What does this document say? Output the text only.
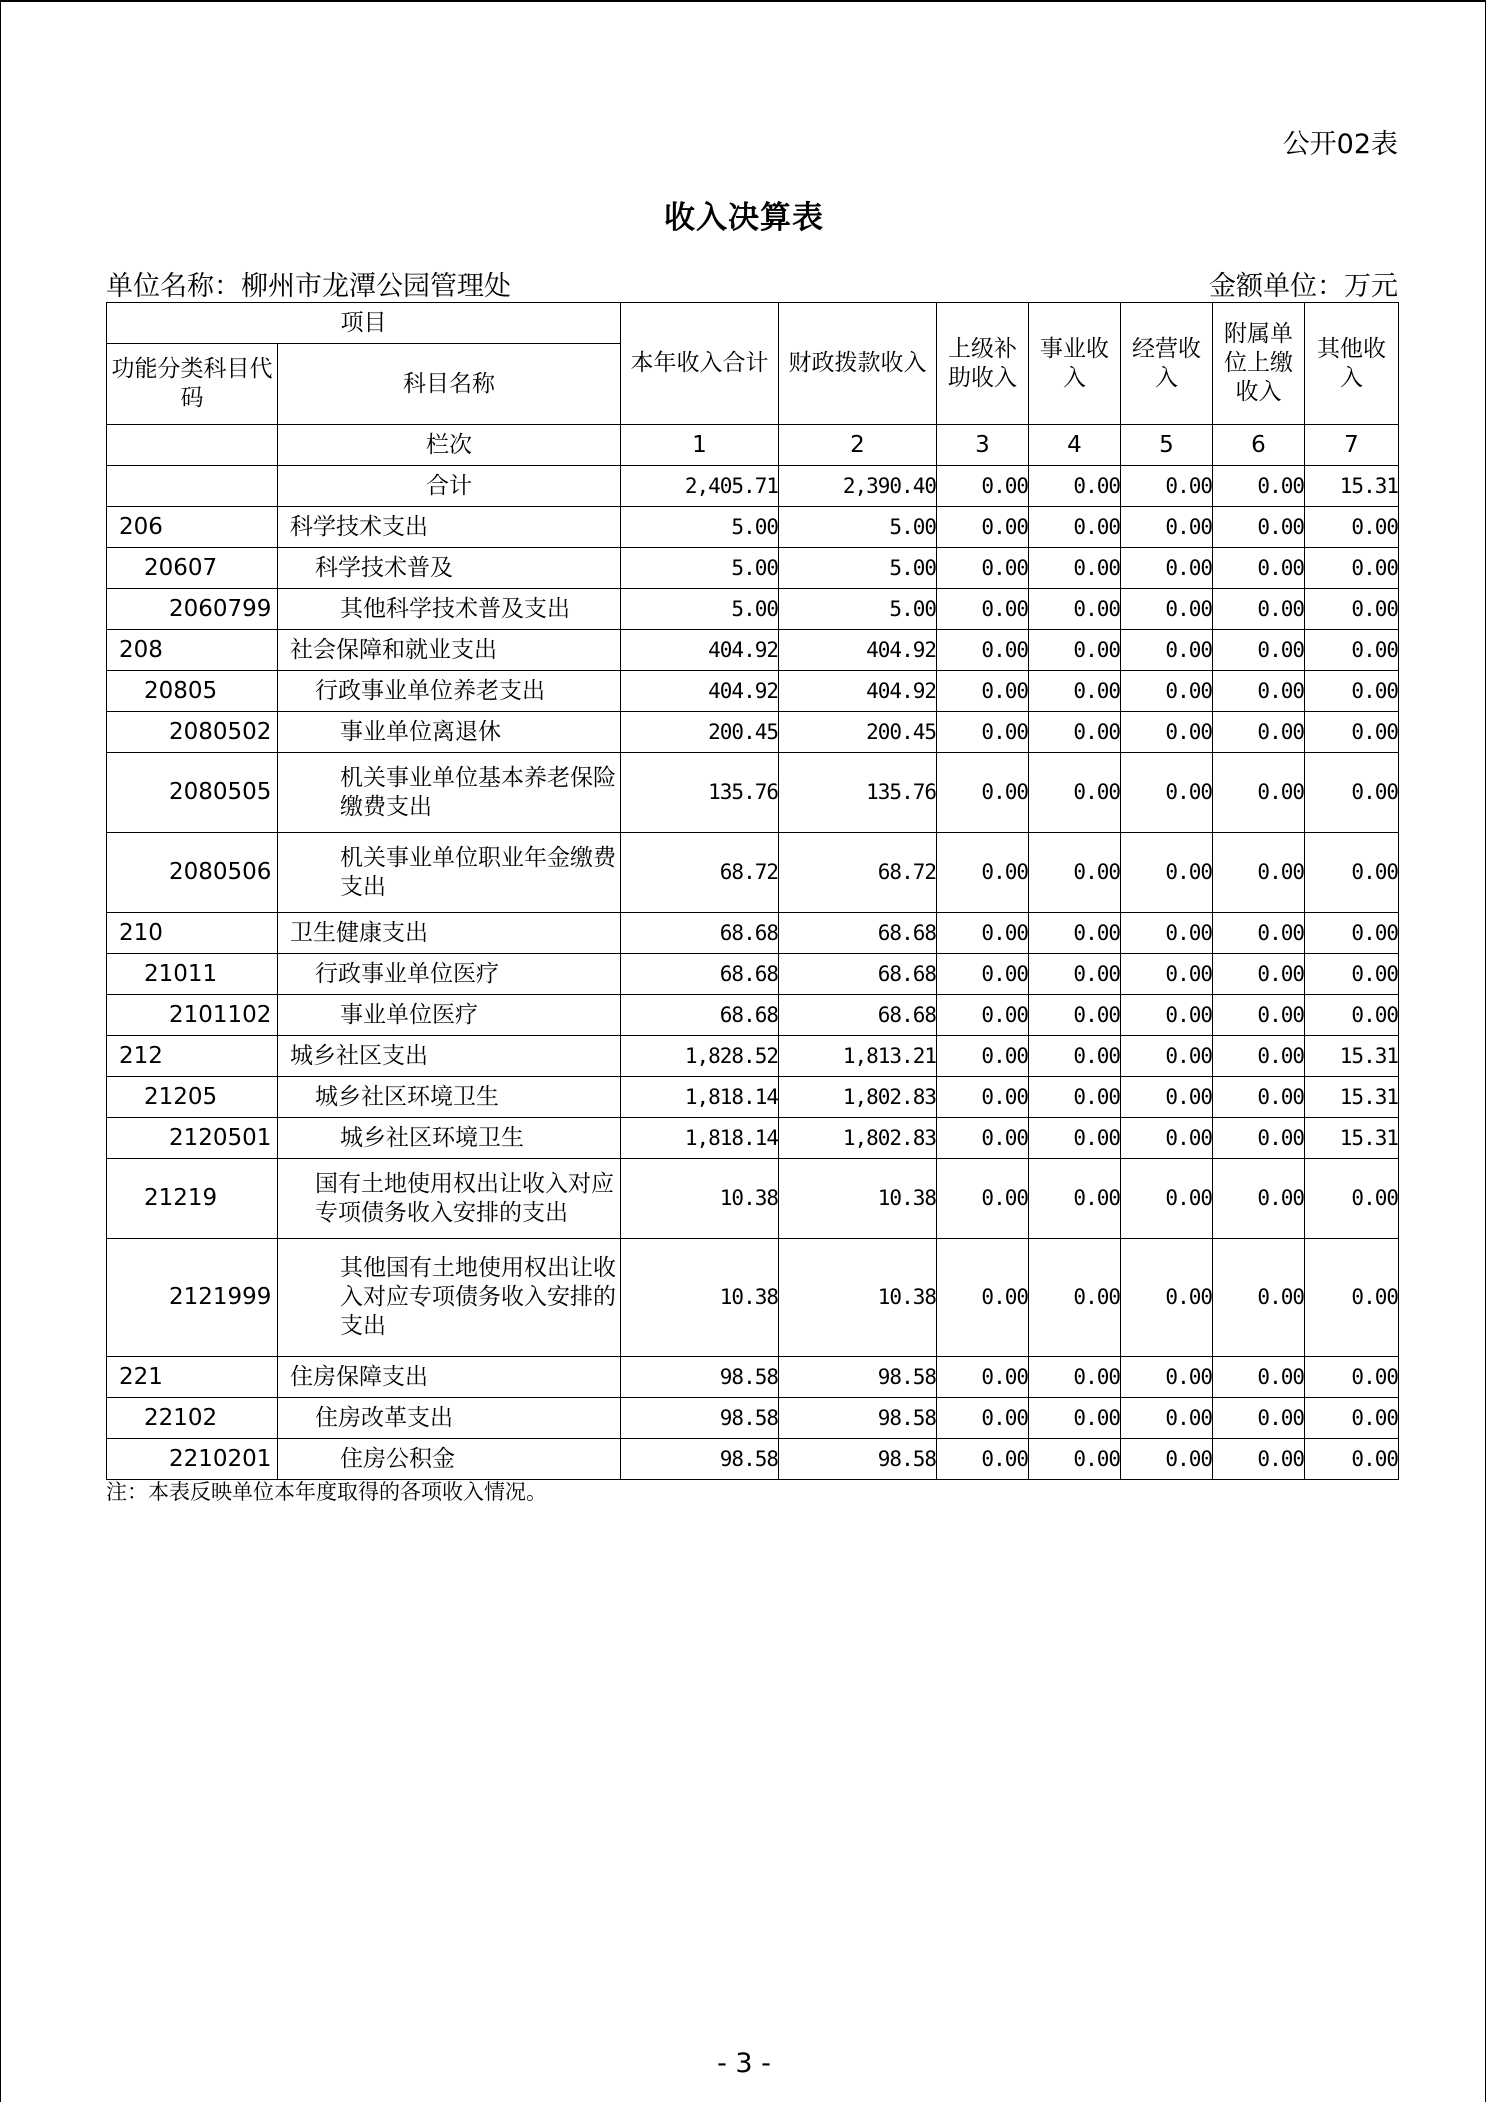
公开02表
收入决算表
单位名称：柳州市龙潭公园管理处	金额单位：万元
项目		本年收入合计	财政拨款收入	上级补助收入	事业收入	经营收入	附属单位上缴收入	其他收入
功能分类科目代码	科目名称							
	栏次	1	2	3	4	5	6	7
	合计	2,405.71	2,390.40	0.00	0.00	0.00	0.00	15.31
206	科学技术支出	5.00	5.00	0.00	0.00	0.00	0.00	0.00
20607	科学技术普及	5.00	5.00	0.00	0.00	0.00	0.00	0.00
2060799	其他科学技术普及支出	5.00	5.00	0.00	0.00	0.00	0.00	0.00
208	社会保障和就业支出	404.92	404.92	0.00	0.00	0.00	0.00	0.00
20805	行政事业单位养老支出	404.92	404.92	0.00	0.00	0.00	0.00	0.00
2080502	事业单位离退休	200.45	200.45	0.00	0.00	0.00	0.00	0.00
2080505	机关事业单位基本养老保险缴费支出	135.76	135.76	0.00	0.00	0.00	0.00	0.00
2080506	机关事业单位职业年金缴费支出	68.72	68.72	0.00	0.00	0.00	0.00	0.00
210	卫生健康支出	68.68	68.68	0.00	0.00	0.00	0.00	0.00
21011	行政事业单位医疗	68.68	68.68	0.00	0.00	0.00	0.00	0.00
2101102	事业单位医疗	68.68	68.68	0.00	0.00	0.00	0.00	0.00
212	城乡社区支出	1,828.52	1,813.21	0.00	0.00	0.00	0.00	15.31
21205	城乡社区环境卫生	1,818.14	1,802.83	0.00	0.00	0.00	0.00	15.31
2120501	城乡社区环境卫生	1,818.14	1,802.83	0.00	0.00	0.00	0.00	15.31
21219	国有土地使用权出让收入对应专项债务收入安排的支出	10.38	10.38	0.00	0.00	0.00	0.00	0.00
2121999	其他国有土地使用权出让收入对应专项债务收入安排的支出	10.38	10.38	0.00	0.00	0.00	0.00	0.00
221	住房保障支出	98.58	98.58	0.00	0.00	0.00	0.00	0.00
22102	住房改革支出	98.58	98.58	0.00	0.00	0.00	0.00	0.00
2210201	住房公积金	98.58	98.58	0.00	0.00	0.00	0.00	0.00
注：本表反映单位本年度取得的各项收入情况。
- 3 -
